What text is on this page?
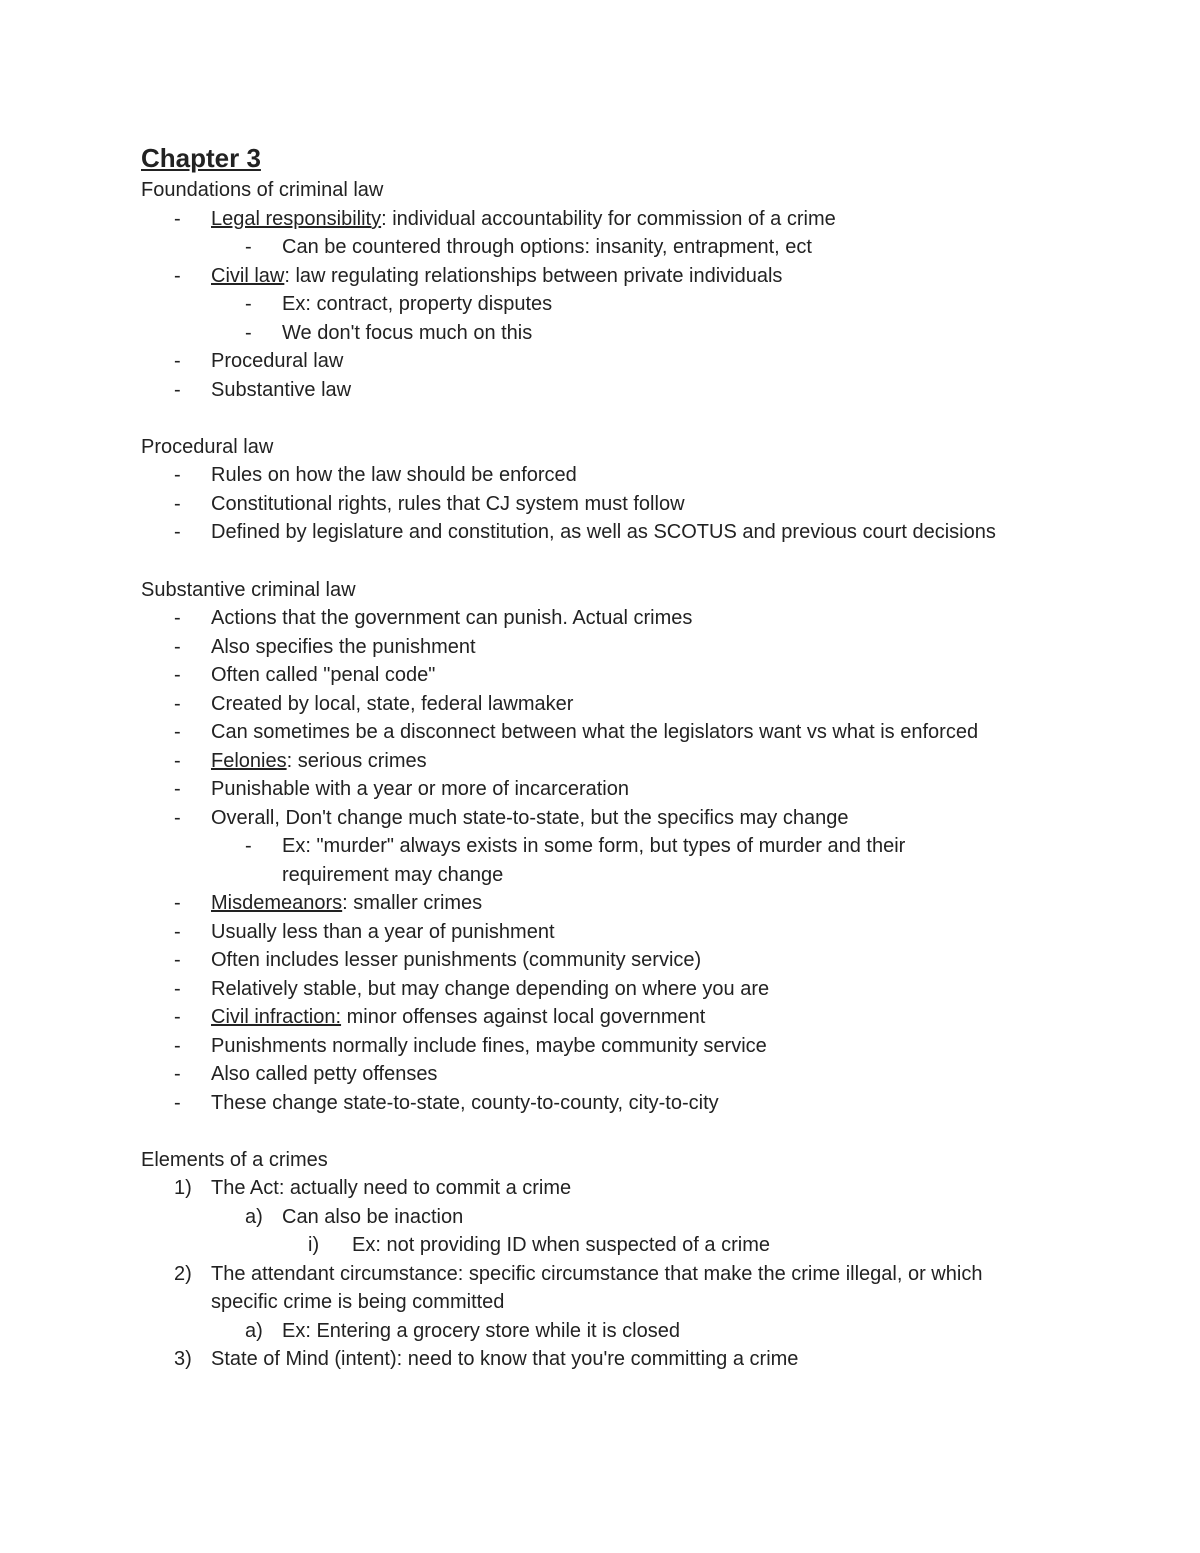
Chapter 3
Foundations of criminal law
- Legal responsibility: individual accountability for commission of a crime
- Can be countered through options: insanity, entrapment, ect
- Civil law: law regulating relationships between private individuals
- Ex: contract, property disputes
- We don't focus much on this
- Procedural law
- Substantive law
Procedural law
- Rules on how the law should be enforced
- Constitutional rights, rules that CJ system must follow
- Defined by legislature and constitution, as well as SCOTUS and previous court decisions
Substantive criminal law
- Actions that the government can punish. Actual crimes
- Also specifies the punishment
- Often called "penal code"
- Created by local, state, federal lawmaker
- Can sometimes be a disconnect between what the legislators want vs what is enforced
- Felonies: serious crimes
- Punishable with a year or more of incarceration
- Overall, Don't change much state-to-state, but the specifics may change
- Ex: "murder" always exists in some form, but types of murder and their
requirement may change
- Misdemeanors: smaller crimes
- Usually less than a year of punishment
- Often includes lesser punishments (community service)
- Relatively stable, but may change depending on where you are
- Civil infraction: minor offenses against local government
- Punishments normally include fines, maybe community service
- Also called petty offenses
- These change state-to-state, county-to-county, city-to-city
Elements of a crimes
1) The Act: actually need to commit a crime
a) Can also be inaction
i) Ex: not providing ID when suspected of a crime
2) The attendant circumstance: specific circumstance that make the crime illegal, or which
specific crime is being committed
a) Ex: Entering a grocery store while it is closed
3) State of Mind (intent): need to know that you're committing a crime
